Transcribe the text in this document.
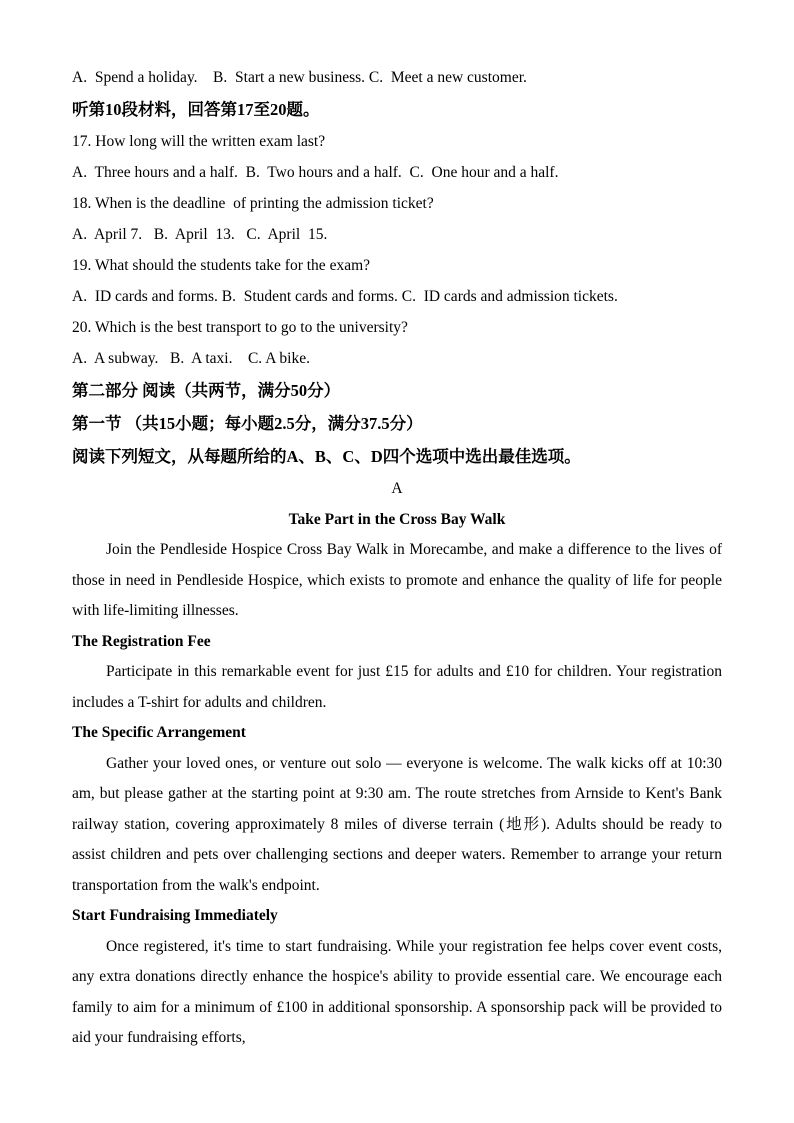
A.  Spend a holiday.    B.  Start a new business. C.  Meet a new customer.

听第10段材料，回答第17至20题。

17. How long will the written exam last?

A.  Three hours and a half.  B.  Two hours and a half.  C.  One hour and a half.

18. When is the deadline  of printing the admission ticket?

A.  April 7.   B.  April  13.   C.  April  15.

19. What should the students take for the exam?

A.  ID cards and forms. B.  Student cards and forms. C.  ID cards and admission tickets.

20. Which is the best transport to go to the university?

A.  A subway.   B.  A taxi.    C. A bike.

第二部分 阅读（共两节，满分50分）

第一节 （共15小题；每小题2.5分，满分37.5分）

阅读下列短文，从每题所给的A、B、C、D四个选项中选出最佳选项。

A

Take Part in the Cross Bay Walk

Join the Pendleside Hospice Cross Bay Walk in Morecambe, and make a difference to the lives of those in need in Pendleside Hospice, which exists to promote and enhance the quality of life for people with life-limiting illnesses.

The Registration Fee

Participate in this remarkable event for just £15 for adults and £10 for children. Your registration includes a T-shirt for adults and children.

The Specific Arrangement

Gather your loved ones, or venture out solo — everyone is welcome. The walk kicks off at 10:30 am, but please gather at the starting point at 9:30 am. The route stretches from Arnside to Kent's Bank railway station, covering approximately 8 miles of diverse terrain (地形). Adults should be ready to assist children and pets over challenging sections and deeper waters. Remember to arrange your return transportation from the walk's endpoint.

Start Fundraising Immediately

Once registered, it's time to start fundraising. While your registration fee helps cover event costs, any extra donations directly enhance the hospice's ability to provide essential care. We encourage each family to aim for a minimum of £100 in additional sponsorship. A sponsorship pack will be provided to aid your fundraising efforts,
